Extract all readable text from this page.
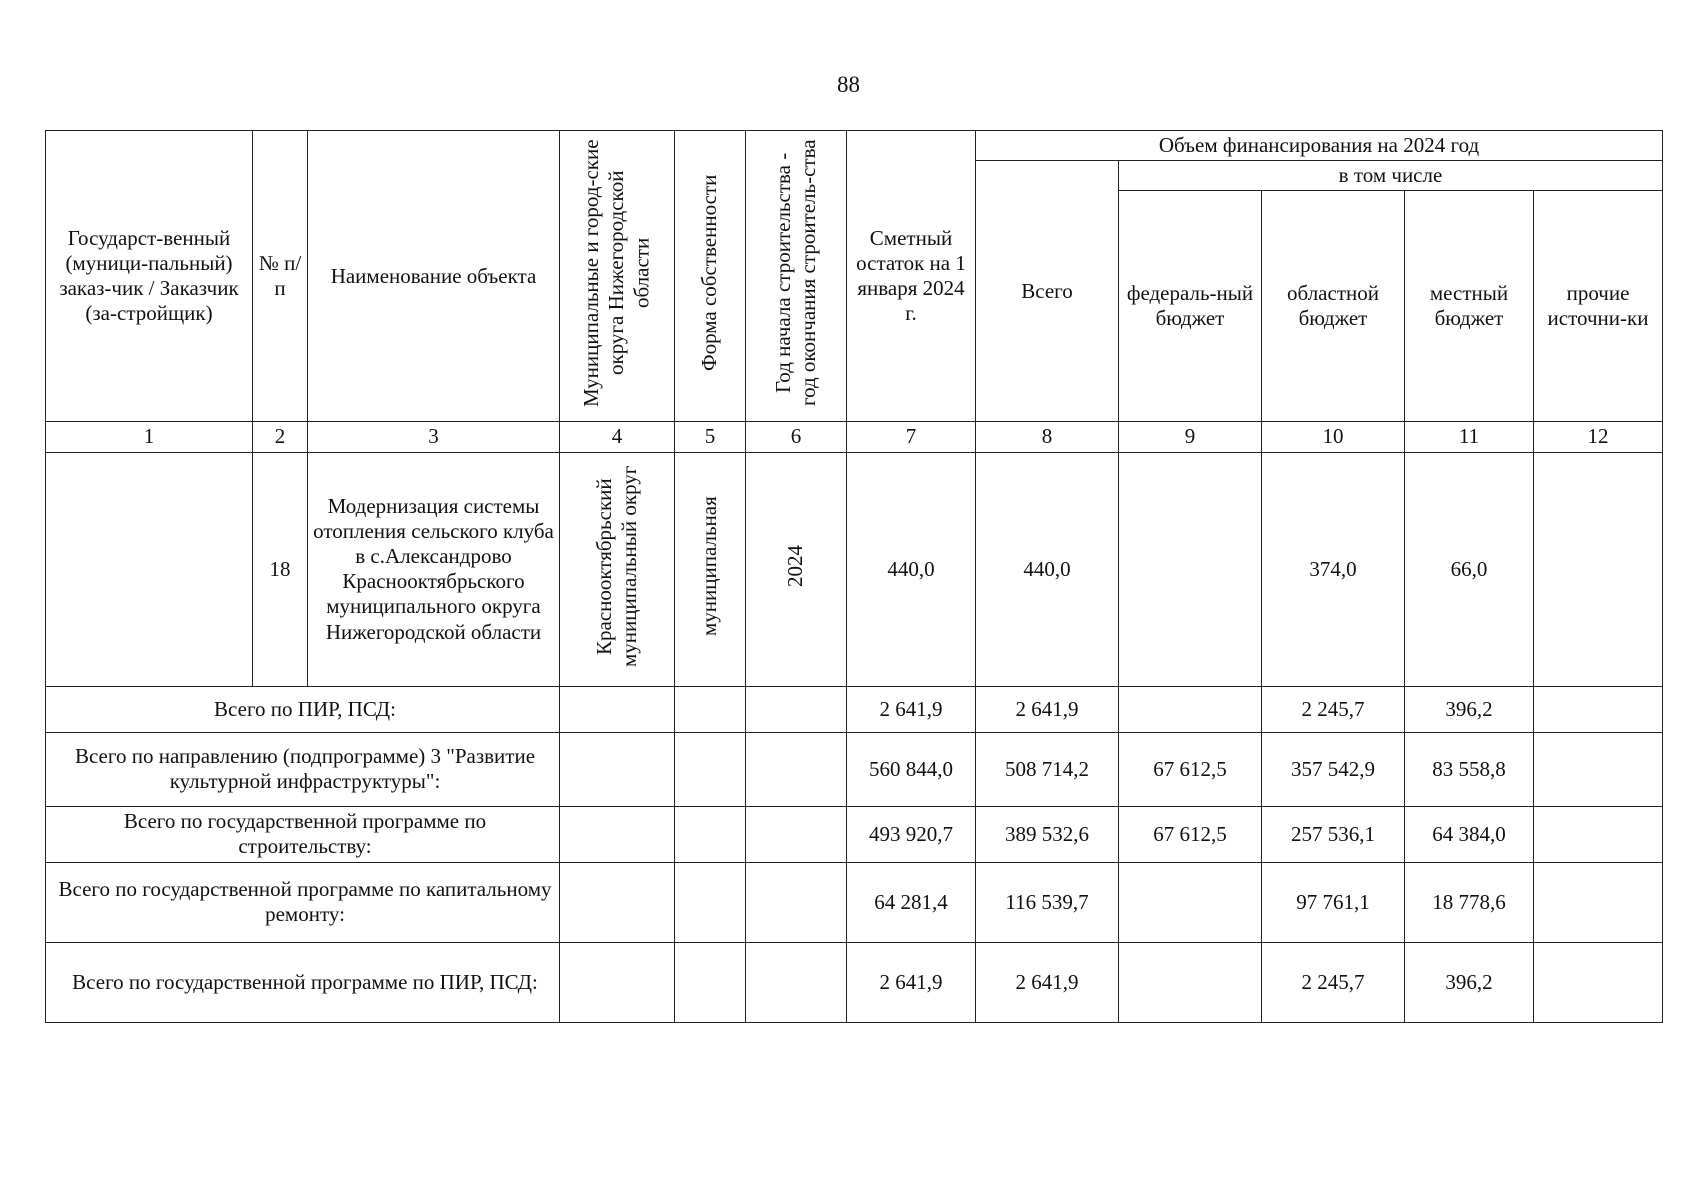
88
Государст-венный (муници-пальный) заказ-чик / Заказчик (за-стройщик)	№ п/п	Наименование объекта	Муниципальные и город-ские округа Нижегородской области	Форма собственности	Год начала строительства - год окончания строитель-ства	Сметный остаток на 1 января 2024 г.	Объем финансирования на 2024 год				
							Всего	в том числе			
								федераль-ный бюджет	областной бюджет	местный бюджет	прочие источни-ки
1	2	3	4	5	6	7	8	9	10	11	12
	18	Модернизация системы отопления сельского клуба в с.Александрово Краснооктябрьского муниципального округа Нижегородской области	Краснооктябрьский муниципальный округ	муниципальная	2024	440,0	440,0		374,0	66,0	
Всего по ПИР, ПСД:						2 641,9	2 641,9		2 245,7	396,2	
Всего по направлению (подпрограмме) 3 "Развитие культурной инфраструктуры":						560 844,0	508 714,2	67 612,5	357 542,9	83 558,8	
Всего по государственной программе по строительству:						493 920,7	389 532,6	67 612,5	257 536,1	64 384,0	
Всего по государственной программе по капитальному ремонту:						64 281,4	116 539,7		97 761,1	18 778,6	
Всего по государственной программе по ПИР, ПСД:						2 641,9	2 641,9		2 245,7	396,2	
